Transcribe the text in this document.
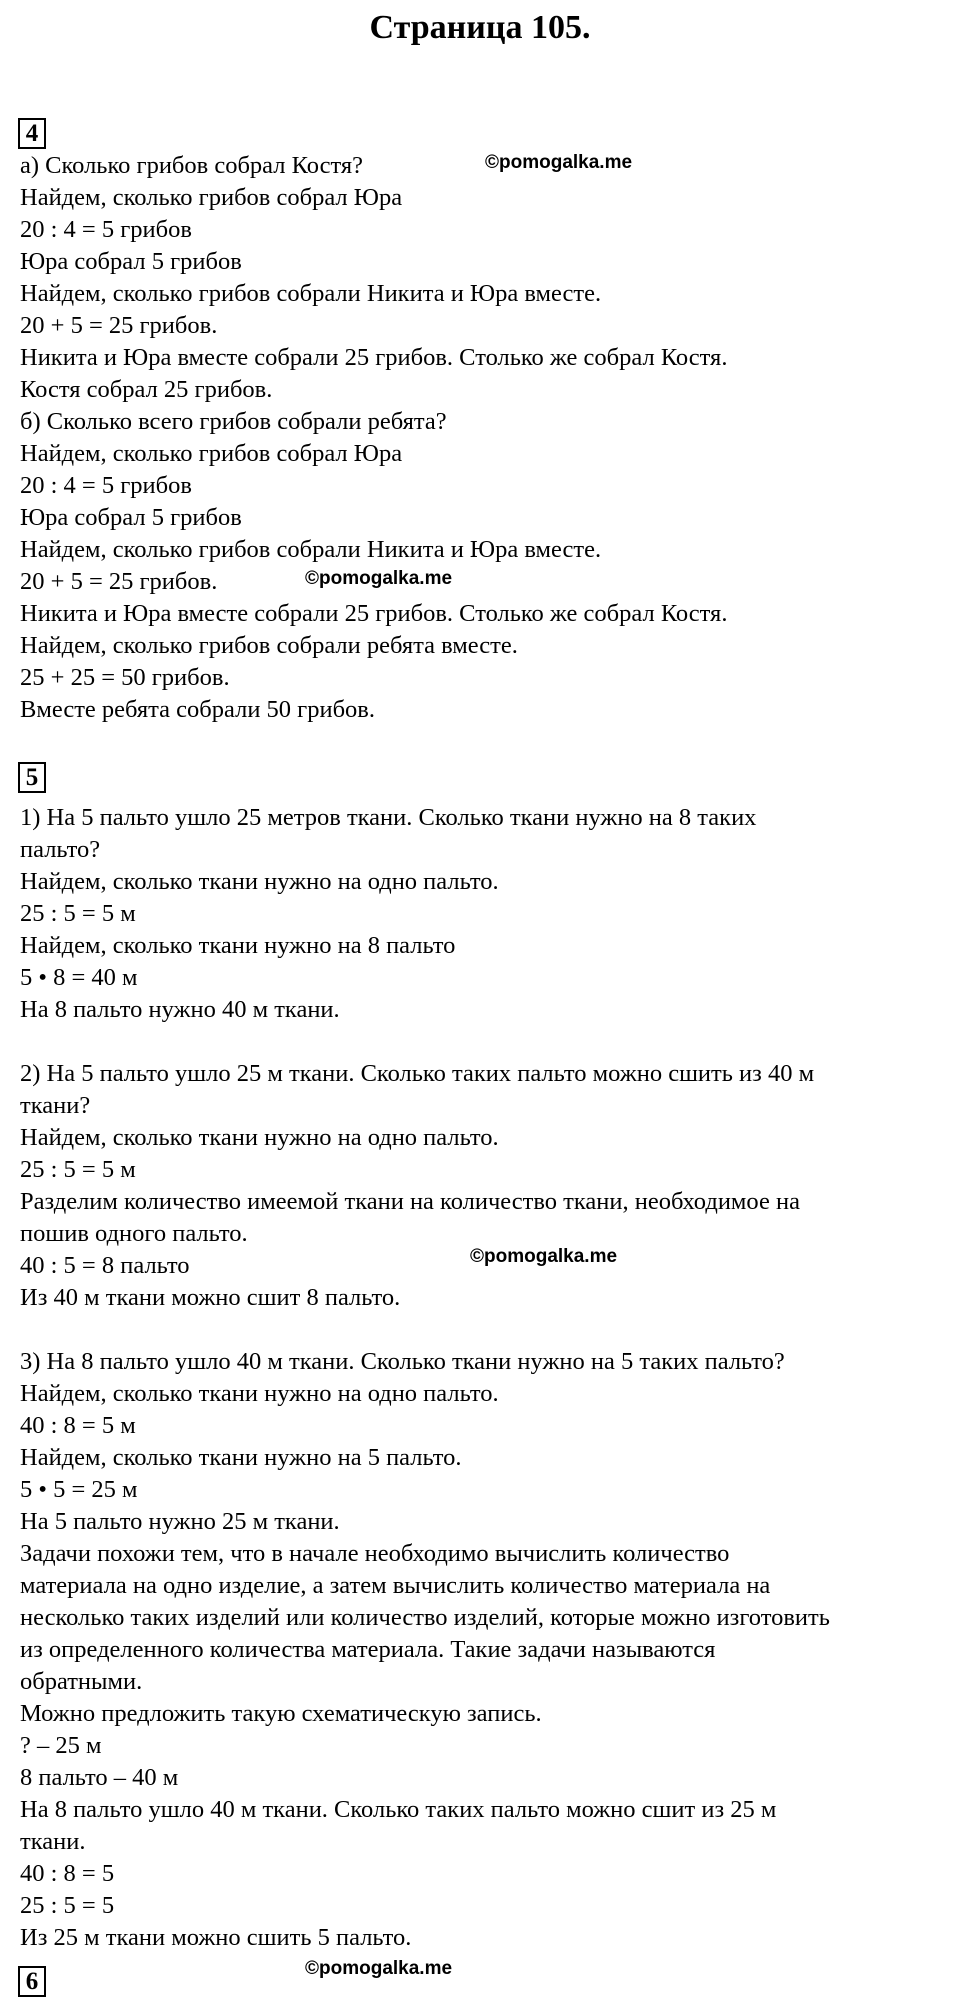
Страница 105.
4
а) Сколько грибов собрал Костя?
Найдем, сколько грибов собрал Юра
20 : 4 = 5 грибов
Юра собрал 5 грибов
Найдем, сколько грибов собрали Никита и Юра вместе.
20 + 5 = 25 грибов.
Никита и Юра вместе собрали 25 грибов. Столько же собрал Костя.
Костя собрал 25 грибов.
б) Сколько всего грибов собрали ребята?
Найдем, сколько грибов собрал Юра
20 : 4 = 5 грибов
Юра собрал 5 грибов
Найдем, сколько грибов собрали Никита и Юра вместе.
20 + 5 = 25 грибов.
Никита и Юра вместе собрали 25 грибов. Столько же собрал Костя.
Найдем, сколько грибов собрали ребята вместе.
25 + 25 = 50 грибов.
Вместе ребята собрали 50 грибов.
5
1) На 5 пальто ушло 25 метров ткани. Сколько ткани нужно на 8 таких
пальто?
Найдем, сколько ткани нужно на одно пальто.
25 : 5 = 5 м
Найдем, сколько ткани нужно на 8 пальто
5 • 8 = 40 м
На 8 пальто нужно 40 м ткани.
2) На 5 пальто ушло 25 м ткани. Сколько таких пальто можно сшить из 40 м
ткани?
Найдем, сколько ткани нужно на одно пальто.
25 : 5 = 5 м
Разделим количество имеемой ткани на количество ткани, необходимое на
пошив одного пальто.
40 : 5 = 8 пальто
Из 40 м ткани можно сшит 8 пальто.
3) На 8 пальто ушло 40 м ткани. Сколько ткани нужно на 5 таких пальто?
Найдем, сколько ткани нужно на одно пальто.
40 : 8 = 5 м
Найдем, сколько ткани нужно на 5 пальто.
5 • 5 = 25 м
На 5 пальто нужно 25 м ткани.
Задачи похожи тем, что в начале необходимо вычислить количество
материала на одно изделие, а затем вычислить количество материала на
несколько таких изделий или количество изделий, которые можно изготовить
из определенного количества материала. Такие задачи называются
обратными.
Можно предложить такую схематическую запись.
? – 25 м
8 пальто – 40 м
На 8 пальто ушло 40 м ткани. Сколько таких пальто можно сшит из 25 м
ткани.
40 : 8 = 5
25 : 5 = 5
Из 25 м ткани можно сшить 5 пальто.
6
©pomogalka.me
©pomogalka.me
©pomogalka.me
©pomogalka.me
